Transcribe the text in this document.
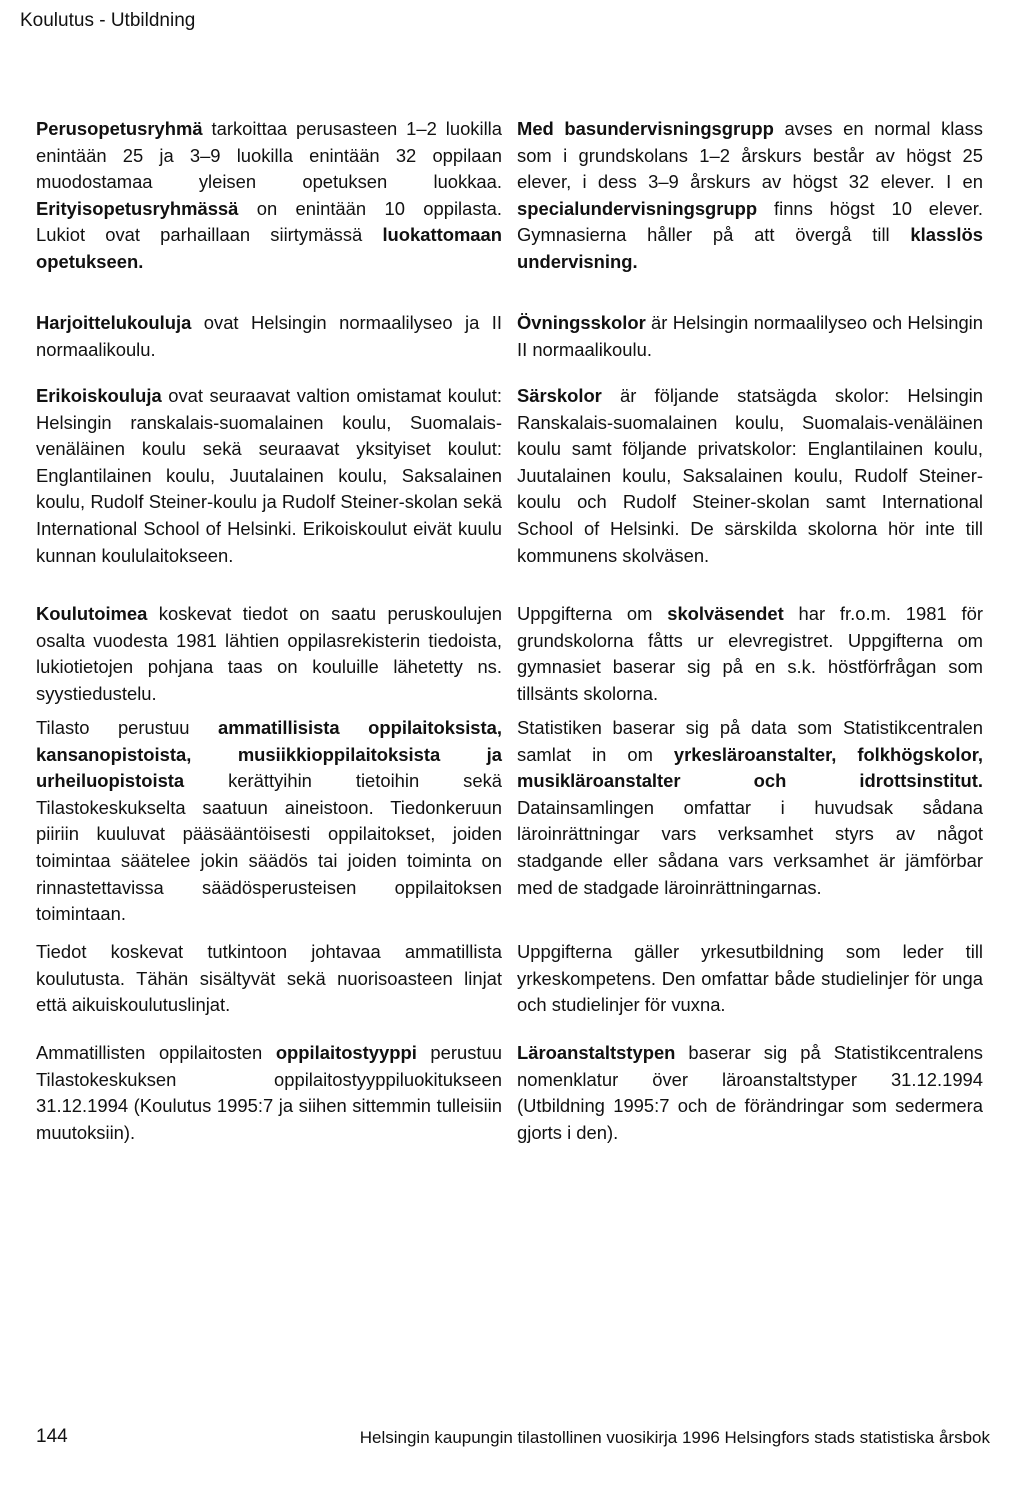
Koulutus - Utbildning

Perusopetusryhmä tarkoittaa perusasteen 1–2 luokilla enintään 25 ja 3–9 luokilla enintään 32 oppilaan muodostamaa yleisen opetuksen luokkaa. Erityisopetusryhmässä on enintään 10 oppilasta. Lukiot ovat parhaillaan siirtymässä luokattomaan opetukseen.

Harjoittelukouluja ovat Helsingin normaalilyseo ja II normaalikoulu.

Erikoiskouluja ovat seuraavat valtion omistamat koulut: Helsingin ranskalais-suomalainen koulu, Suomalais-venäläinen koulu sekä seuraavat yksityiset koulut: Englantilainen koulu, Juutalainen koulu, Saksalainen koulu, Rudolf Steiner-koulu ja Rudolf Steiner-skolan sekä International School of Helsinki. Erikoiskoulut eivät kuulu kunnan koululaitokseen.

Koulutoimea koskevat tiedot on saatu peruskoulujen osalta vuodesta 1981 lähtien oppilasrekisterin tiedoista, lukiotietojen pohjana taas on kouluille lähetetty ns. syystiedustelu.

Tilasto perustuu ammatillisista oppilaitoksista, kansanopistoista, musiikkioppilaitoksista ja urheiluopistoista kerättyihin tietoihin sekä Tilastokeskukselta saatuun aineistoon. Tiedonkeruun piiriin kuuluvat pääsääntöisesti oppilaitokset, joiden toimintaa säätelee jokin säädös tai joiden toiminta on rinnastettavissa säädösperusteisen oppilaitoksen toimintaan.

Tiedot koskevat tutkintoon johtavaa ammatillista koulutusta. Tähän sisältyvät sekä nuorisoasteen linjat että aikuiskoulutuslinjat.

Ammatillisten oppilaitosten oppilaitostyyppi perustuu Tilastokeskuksen oppilaitostyyppiluokitukseen 31.12.1994 (Koulutus 1995:7 ja siihen sittemmin tulleisiin muutoksiin).

Med basundervisningsgrupp avses en normal klass som i grundskolans 1–2 årskurs består av högst 25 elever, i dess 3–9 årskurs av högst 32 elever. I en specialundervisningsgrupp finns högst 10 elever. Gymnasierna håller på att övergå till klasslös undervisning.

Övningsskolor är Helsingin normaalilyseo och Helsingin II normaalikoulu.

Särskolor är följande statsägda skolor: Helsingin Ranskalais-suomalainen koulu, Suomalais-venäläinen koulu samt följande privatskolor: Englantilainen koulu, Juutalainen koulu, Saksalainen koulu, Rudolf Steiner-koulu och Rudolf Steiner-skolan samt International School of Helsinki. De särskilda skolorna hör inte till kommunens skolväsen.

Uppgifterna om skolväsendet har fr.o.m. 1981 för grundskolorna fåtts ur elevregistret. Uppgifterna om gymnasiet baserar sig på en s.k. höstförfrågan som tillsänts skolorna.

Statistiken baserar sig på data som Statistikcentralen samlat in om yrkesläroanstalter, folkhögskolor, musikläroanstalter och idrottsinstitut. Datainsamlingen omfattar i huvudsak sådana läroinrättningar vars verksamhet styrs av något stadgande eller sådana vars verksamhet är jämförbar med de stadgade läroinrättningarnas.

Uppgifterna gäller yrkesutbildning som leder till yrkeskompetens. Den omfattar både studielinjer för unga och studielinjer för vuxna.

Läroanstaltstypen baserar sig på Statistikcentralens nomenklatur över läroanstaltstyper 31.12.1994 (Utbildning 1995:7 och de förändringar som sedermera gjorts i den).

144	Helsingin kaupungin tilastollinen vuosikirja 1996 Helsingfors stads statistiska årsbok
